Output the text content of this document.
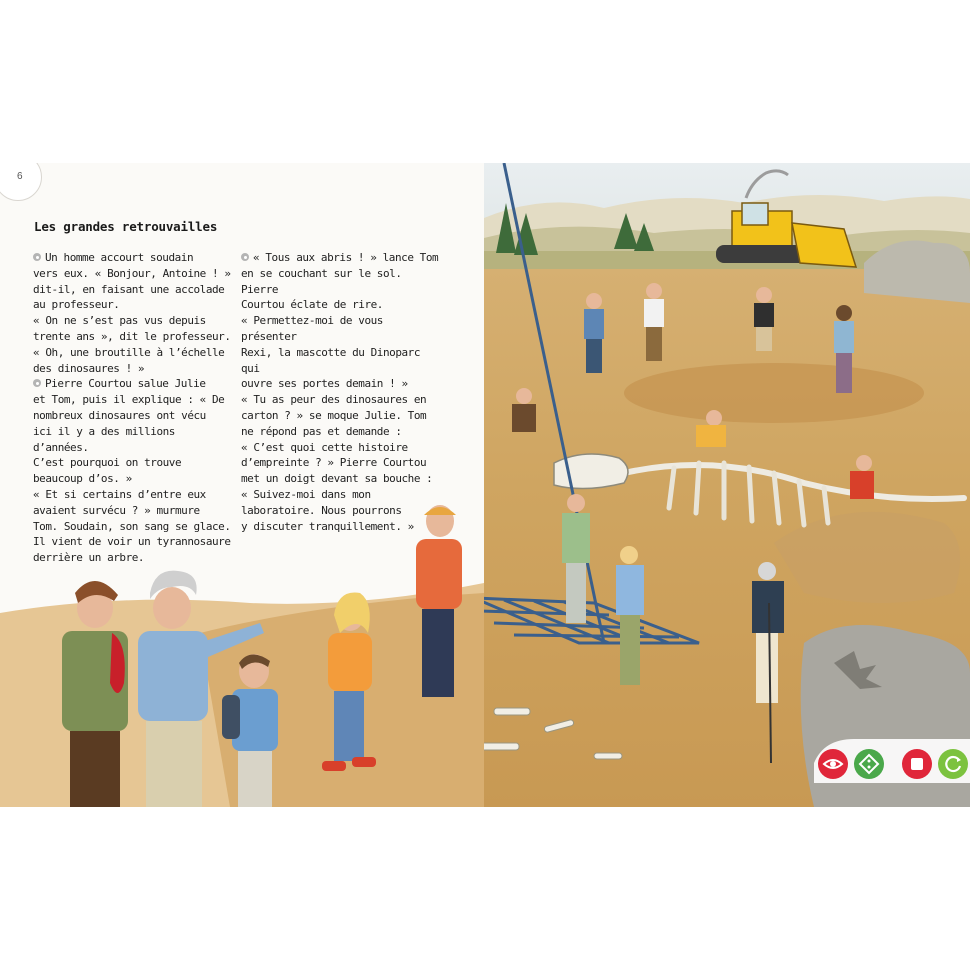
6
Les grandes retrouvailles

Un homme accourt soudain

vers eux. « Bonjour, Antoine ! »

dit-il, en faisant une accolade

au professeur.

« On ne s’est pas vus depuis

trente ans », dit le professeur.

« Oh, une broutille à l’échelle

des dinosaures ! »

Pierre Courtou salue Julie

et Tom, puis il explique : « De

nombreux dinosaures ont vécu

ici il y a des millions d’années.

C’est pourquoi on trouve

beaucoup d’os. »

« Et si certains d’entre eux

avaient survécu ? » murmure

Tom. Soudain, son sang se glace.

Il vient de voir un tyrannosaure

derrière un arbre.

« Tous aux abris ! » lance Tom

en se couchant sur le sol. Pierre

Courtou éclate de rire.

« Permettez-moi de vous présenter

Rexi, la mascotte du Dinoparc qui

ouvre ses portes demain ! »

« Tu as peur des dinosaures en

carton ? » se moque Julie. Tom

ne répond pas et demande :

« C’est quoi cette histoire

d’empreinte ? » Pierre Courtou

met un doigt devant sa bouche :

« Suivez-moi dans mon

laboratoire. Nous pourrons

y discuter tranquillement. »
